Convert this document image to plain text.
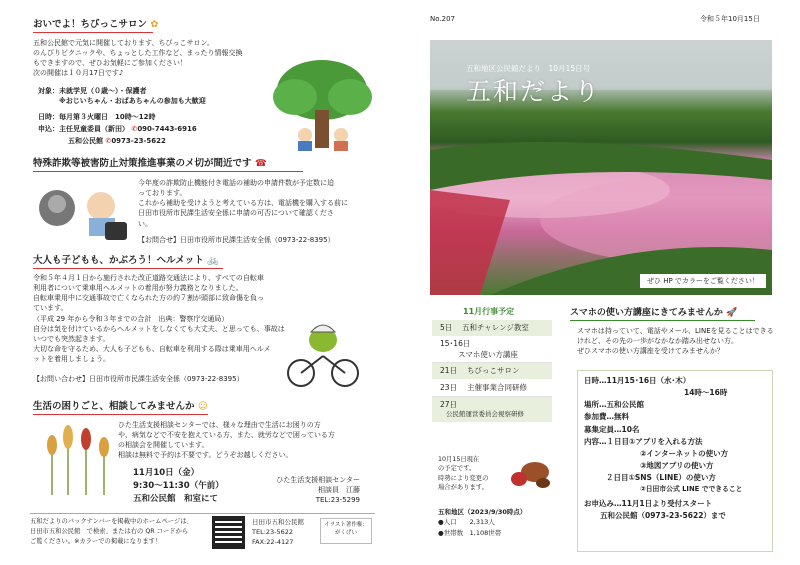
おいでよ！ちびっこサロン ✿
五和公民館で元気に開催しております、ちびっこサロン。
のんびりピクニックや、ちょっとした工作など、まったり情報交換
もできますので、ぜひお気軽にご参加ください！
次の開催は１０月17日です♪
対象：未就学児（０歳～）・保護者
　　　※おじいちゃん・おばあちゃんの参加も大歓迎
日時：毎月第３火曜日　10時～12時
申込：主任児童委員（新田） ✆090-7443-6916
五和公民館 ✆0973-23-5622
特殊詐欺等被害防止対策推進事業のメ切が間近です ☎
今年度の詐欺防止機能付き電話の補助の申請件数が予定数に迫
っております。
これから補助を受けようと考えている方は、電話機を購入する前に
日田市役所市民課生活安全係に申請の可否について確認くださ
い。
【お問合せ】日田市役所市民課生活安全係（0973-22-8395）
大人も子どもも、かぶろう！ヘルメット 🚲
令和５年４月１日から施行された改正道路交通法により、すべての自転車
利用者について乗車用ヘルメットの着用が努力義務となりました。
自転車乗用中に交通事故で亡くなられた方の約７割が頭部に致命傷を負っ
ています。
（平成 29 年から令和３年までの合計　出典：警察庁交通局）
自分は気を付けているからヘルメットをしなくても大丈夫、と思っても、事故は
いつでも突然起きます。
大切な命を守るため、大人も子どもも、自転車を利用する際は乗車用ヘルメ
ットを着用しましょう。
【お問い合わせ】日田市役所市民課生活安全係（0973-22-8395）
生活の困りごと、相談してみませんか ☺
ひた生活支援相談センターでは、様々な理由で生活にお困りの方
や、病気などで不安を抱えている方、また、就労などで困っている方
の相談会を開催しています。
相談は無料で予約は不要です。どうぞお越しください。
11月10日（金）
9:30～11:30（午前）
五和公民館　和室にて
ひた生活支援相談センター
相談員　江藤
TEL:23-5299
五和だよりのバックナンバーを掲載中のホームページは、
日田市五和公民館　で検索、または右の QR コードから
ご覧ください。※カラーでの掲載になります！
日田市五和公民館
TEL:23-5622
FAX:22-4127
イラスト著作権：
がくげい
No.207	令和５年10月15日
五和地区公民館だより　10月15日号
五和だより
ぜひ HP でカラーをご覧ください！
11月行事予定
5日	五和チャレンジ教室
15･16日
スマホ使い方講座
21日	ちびっこサロン
23日	主催事業合同研修
27日
公民館運営委員会視察研修
10月15日現在
の予定です。
時勢により変更の
場合があります。
五和地区（2023/9/30時点）
●人口　　2,313人
●世帯数　1,108世帯
スマホの使い方講座にきてみませんか 🚀
スマホは持っていて、電話やメール、LINEを見ることはできる
けれど、その先の一歩がなかなか踏み出せない方。
ぜひスマホの使い方講座を受けてみませんか？
日時…11月15･16日（水･木）
14時～16時
場所…五和公民館
参加費…無料
募集定員…10名
内容…１日目①アプリを入れる方法
②インターネットの使い方
③地図アプリの使い方
２日目①SNS（LINE）の使い方
②日田市公式 LINE でできること
お申込み…11月1日より受付スタート
五和公民館（0973-23-5622）まで
